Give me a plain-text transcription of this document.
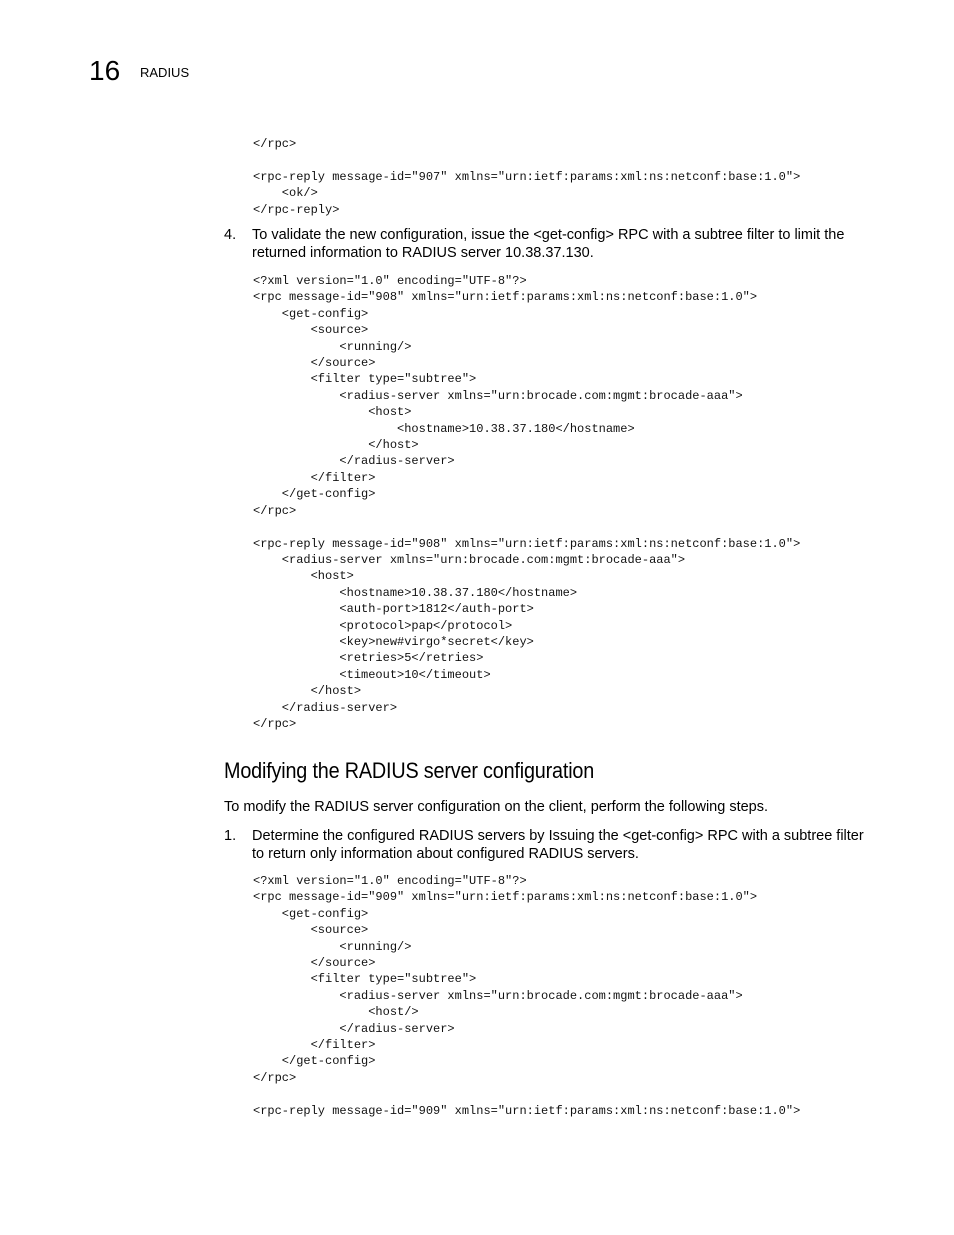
16 RADIUS
</rpc>

<rpc-reply message-id="907" xmlns="urn:ietf:params:xml:ns:netconf:base:1.0">
<ok/>
</rpc-reply>
4. To validate the new configuration, issue the <get-config> RPC with a subtree filter to limit the returned information to RADIUS server 10.38.37.130.
<?xml version="1.0" encoding="UTF-8"?>
<rpc message-id="908" xmlns="urn:ietf:params:xml:ns:netconf:base:1.0">
<get-config>
<source>
<running/>
</source>
<filter type="subtree">
<radius-server xmlns="urn:brocade.com:mgmt:brocade-aaa">
<host>
<hostname>10.38.37.180</hostname>
</host>
</radius-server>
</filter>
</get-config>
</rpc>

<rpc-reply message-id="908" xmlns="urn:ietf:params:xml:ns:netconf:base:1.0">
<radius-server xmlns="urn:brocade.com:mgmt:brocade-aaa">
<host>
<hostname>10.38.37.180</hostname>
<auth-port>1812</auth-port>
<protocol>pap</protocol>
<key>new#virgo*secret</key>
<retries>5</retries>
<timeout>10</timeout>
</host>
</radius-server>
</rpc>
Modifying the RADIUS server configuration
To modify the RADIUS server configuration on the client, perform the following steps.
1. Determine the configured RADIUS servers by Issuing the <get-config> RPC with a subtree filter to return only information about configured RADIUS servers.
<?xml version="1.0" encoding="UTF-8"?>
<rpc message-id="909" xmlns="urn:ietf:params:xml:ns:netconf:base:1.0">
<get-config>
<source>
<running/>
</source>
<filter type="subtree">
<radius-server xmlns="urn:brocade.com:mgmt:brocade-aaa">
<host/>
</radius-server>
</filter>
</get-config>
</rpc>

<rpc-reply message-id="909" xmlns="urn:ietf:params:xml:ns:netconf:base:1.0">
